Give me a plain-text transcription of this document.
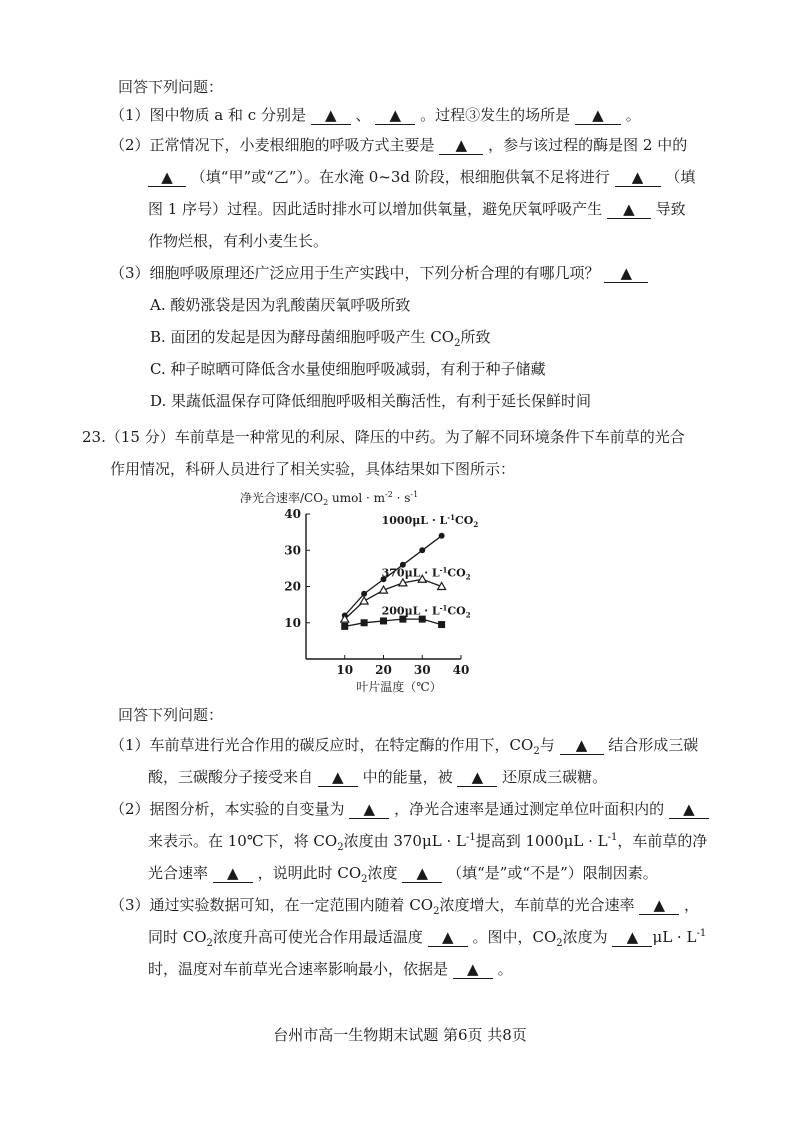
回答下列问题：
（1）图中物质 a 和 c 分别是 ▲ 、 ▲ 。过程③发生的场所是 ▲ 。
（2）正常情况下，小麦根细胞的呼吸方式主要是 ▲ ，参与该过程的酶是图 2 中的
▲ （填“甲”或“乙”）。在水淹 0~3d 阶段，根细胞供氧不足将进行 ▲ （填
图 1 序号）过程。因此适时排水可以增加供氧量，避免厌氧呼吸产生 ▲ 导致
作物烂根，有利小麦生长。
（3）细胞呼吸原理还广泛应用于生产实践中，下列分析合理的有哪几项？ ▲
A. 酸奶涨袋是因为乳酸菌厌氧呼吸所致
B. 面团的发起是因为酵母菌细胞呼吸产生 $CO_2$所致
C. 种子晾晒可降低含水量使细胞呼吸减弱，有利于种子储藏
D. 果蔬低温保存可降低细胞呼吸相关酶活性，有利于延长保鲜时间
23.（15 分）车前草是一种常见的利尿、降压的中药。为了解不同环境条件下车前草的光合
作用情况，科研人员进行了相关实验，具体结果如下图所示：
净光合速率$/CO_2$ umol · $m^{-2} \cdot s^{-1}$
10
20
30
40
10 20 30 40
$1000\mu L \cdot L^{-1}CO_2$
$370\mu L \cdot L^{-1}CO_2$
$200\mu L \cdot L^{-1}CO_2$
叶片温度（℃）
回答下列问题：
（1）车前草进行光合作用的碳反应时，在特定酶的作用下，$CO_2$与 ▲ 结合形成三碳
酸，三碳酸分子接受来自 ▲ 中的能量，被 ▲ 还原成三碳糖。
（2）据图分析，本实验的自变量为 ▲ ，净光合速率是通过测定单位叶面积内的 ▲
来表示。在 10℃下，将 $CO_2$浓度由 $370\mu L \cdot L^{-1}$提高到 $1000\mu L \cdot L^{-1}$，车前草的净
光合速率 ▲ ，说明此时 $CO_2$浓度 ▲ （填“是”或“不是”）限制因素。
（3）通过实验数据可知，在一定范围内随着 $CO_2$浓度增大，车前草的光合速率 ▲ ，
同时 $CO_2$浓度升高可使光合作用最适温度 ▲ 。图中，$CO_2$浓度为 ▲ $\mu L \cdot L^{-1}$
时，温度对车前草光合速率影响最小，依据是 ▲ 。
台州市高一生物期末试题 第6页 共8页
